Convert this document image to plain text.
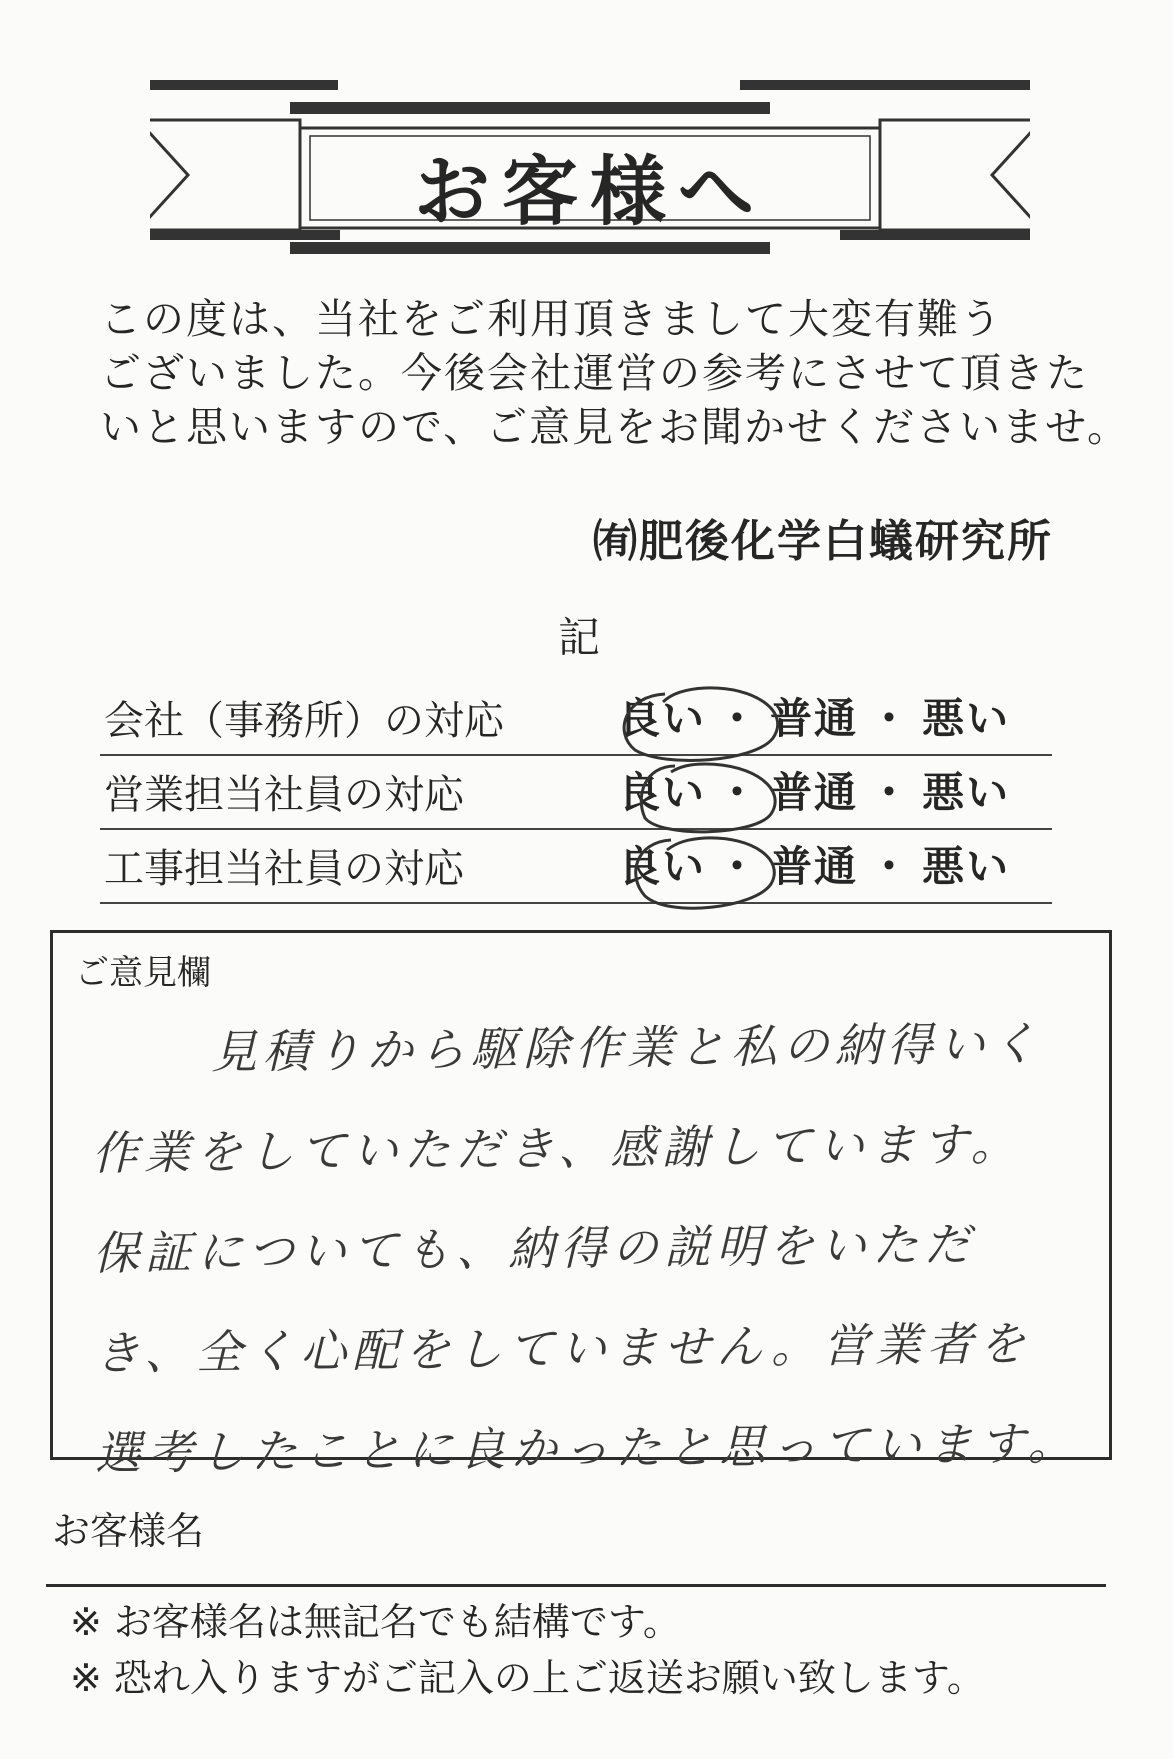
お客様へ
この度は、当社をご利用頂きまして大変有難う
ございました。今後会社運営の参考にさせて頂きた
いと思いますので、ご意見をお聞かせくださいませ。
㈲肥後化学白蟻研究所
記
会社（事務所）の対応	良い ・ 普通 ・ 悪い
営業担当社員の対応	良い ・ 普通 ・ 悪い
工事担当社員の対応	良い ・ 普通 ・ 悪い
ご意見欄
見積りから駆除作業と私の納得いく
作業をしていただき、感謝しています。
保証についても、納得の説明をいただ
き、全く心配をしていません。営業者を
選考したことに良かったと思っています。
お客様名
※ お客様名は無記名でも結構です。
※ 恐れ入りますがご記入の上ご返送お願い致します。
